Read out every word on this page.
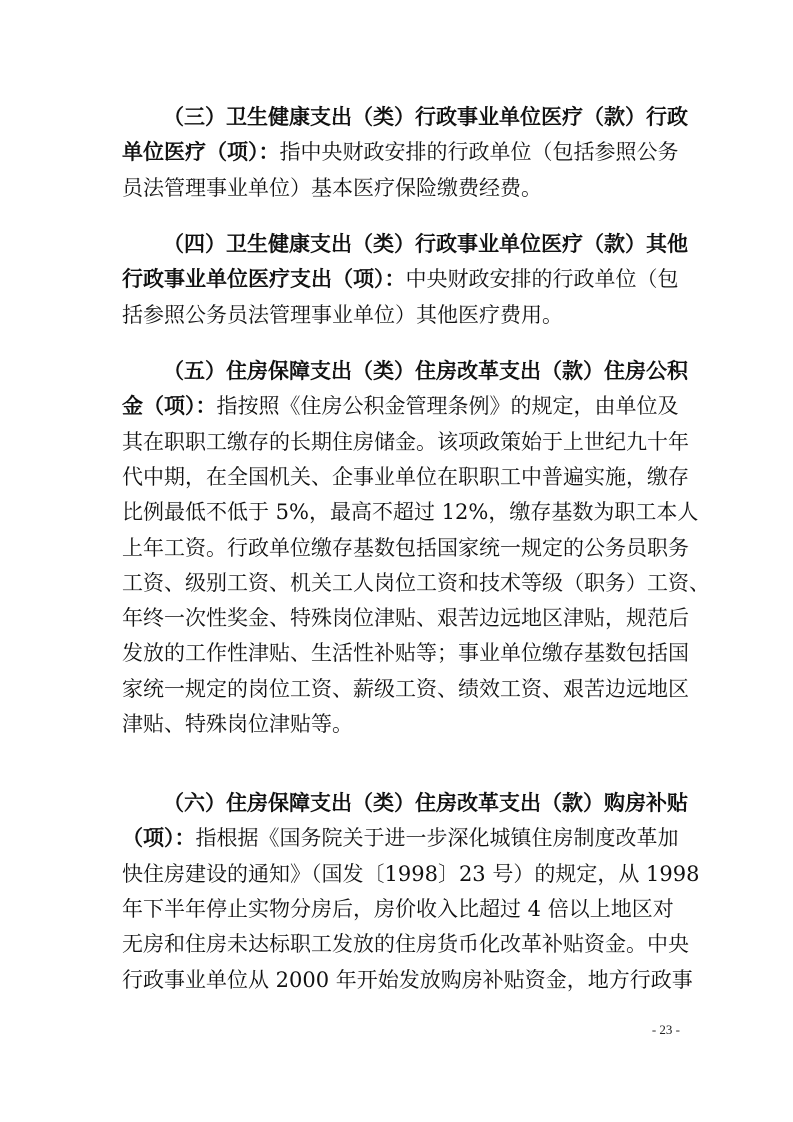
（三）卫生健康支出（类）行政事业单位医疗（款）行政
单位医疗（项）：指中央财政安排的行政单位（包括参照公务
员法管理事业单位）基本医疗保险缴费经费。
（四）卫生健康支出（类）行政事业单位医疗（款）其他
行政事业单位医疗支出（项）：中央财政安排的行政单位（包
括参照公务员法管理事业单位）其他医疗费用。
（五）住房保障支出（类）住房改革支出（款）住房公积
金（项）：指按照《住房公积金管理条例》的规定，由单位及
其在职职工缴存的长期住房储金。该项政策始于上世纪九十年
代中期，在全国机关、企事业单位在职职工中普遍实施，缴存
比例最低不低于 5%，最高不超过 12%，缴存基数为职工本人
上年工资。行政单位缴存基数包括国家统一规定的公务员职务
工资、级别工资、机关工人岗位工资和技术等级（职务）工资、
年终一次性奖金、特殊岗位津贴、艰苦边远地区津贴，规范后
发放的工作性津贴、生活性补贴等；事业单位缴存基数包括国
家统一规定的岗位工资、薪级工资、绩效工资、艰苦边远地区
津贴、特殊岗位津贴等。
（六）住房保障支出（类）住房改革支出（款）购房补贴
（项）：指根据《国务院关于进一步深化城镇住房制度改革加
快住房建设的通知》（国发〔1998〕23 号）的规定，从 1998
年下半年停止实物分房后，房价收入比超过 4 倍以上地区对
无房和住房未达标职工发放的住房货币化改革补贴资金。中央
行政事业单位从 2000 年开始发放购房补贴资金，地方行政事
- 23 -
